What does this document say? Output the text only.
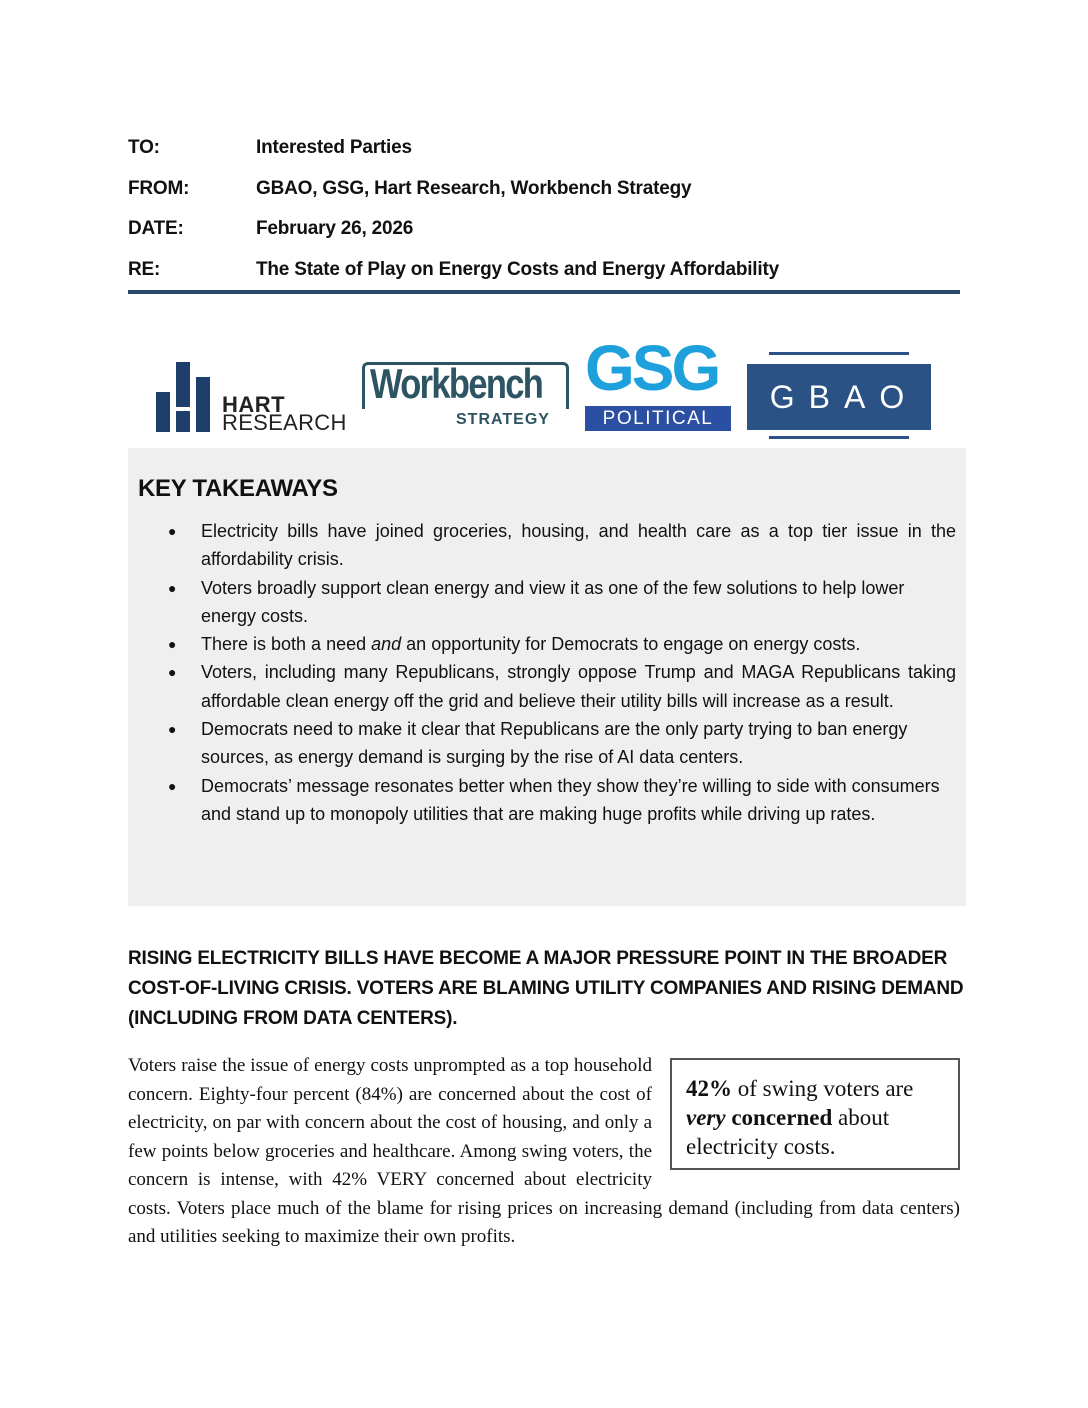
TO:	Interested Parties
FROM:	GBAO, GSG, Hart Research, Workbench Strategy
DATE:	February 26, 2026
RE:	The State of Play on Energy Costs and Energy Affordability
HART
RESEARCH
Workbench
STRATEGY
GSG
POLITICAL
GBAO
KEY TAKEAWAYS
● Electricity bills have joined groceries, housing, and health care as a top tier issue in the affordability crisis.
● Voters broadly support clean energy and view it as one of the few solutions to help lower energy costs.
● There is both a need and an opportunity for Democrats to engage on energy costs.
● Voters, including many Republicans, strongly oppose Trump and MAGA Republicans taking affordable clean energy off the grid and believe their utility bills will increase as a result.
● Democrats need to make it clear that Republicans are the only party trying to ban energy sources, as energy demand is surging by the rise of AI data centers.
● Democrats’ message resonates better when they show they’re willing to side with consumers and stand up to monopoly utilities that are making huge profits while driving up rates.
RISING ELECTRICITY BILLS HAVE BECOME A MAJOR PRESSURE POINT IN THE BROADER COST-OF-LIVING CRISIS. VOTERS ARE BLAMING UTILITY COMPANIES AND RISING DEMAND (INCLUDING FROM DATA CENTERS).
42% of swing voters are very concerned about electricity costs.
Voters raise the issue of energy costs unprompted as a top household concern. Eighty-four percent (84%) are concerned about the cost of electricity, on par with concern about the cost of housing, and only a few points below groceries and healthcare. Among swing voters, the concern is intense, with 42% VERY concerned about electricity costs. Voters place much of the blame for rising prices on increasing demand (including from data centers) and utilities seeking to maximize their own profits.
